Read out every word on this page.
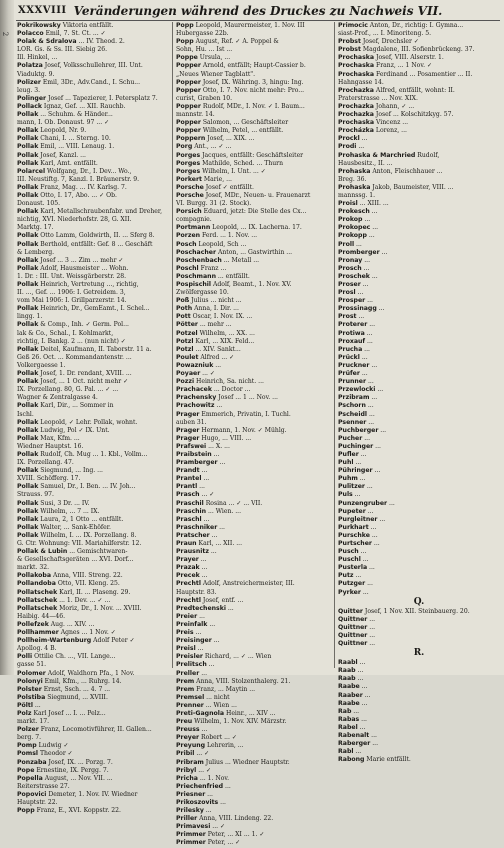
2
XXXVIII Veränderungen während des Druckes zu Nachweis VII.
Pokrikowsky Viktoria entfällt.
Polacco Emil, 7. St. Ct. ... ✓
Polak & Sdralova ... IV. Theod. 2.
LOR. Gs. & Ss. III. Siebig 26.
Ill. Hinkel, ...
Polatza Josef, Volksschullehrer, III. Unt.
Viaduktg. 9.
Polizer Emil, 3Dr., Adv.Cand., I. Schu...
leug. 3.
Polinger Josef ... Tapezierer, I. Petersplatz 7.
Pollack Ignaz, Gef. ... XII. Rauchb.
Pollak ... Schuhm. & Händer...
mann, I. Ob. Donaust. 97 ... ✓
Pollak Leopold, Nr. 9.
Pollak Chani, I. ... Sterng. 10.
Pollak Emil, ... VIII. Lenaug. 1.
Pollak Josef, Kanzl. ...
Pollak Karl, Amt. entfällt.
Polarcel Wolfgang, Dr., I. Dev... Wo.,
III. Neustiftg. 7, Kanzl. I. Bräunerstr. 9.
Pollak Franz, Mag. ... IV. Karlsg. 7.
Pollak Otto, I. 17, Abo. ... ✓ Ob.
Donaust. 105.
Pollak Karl, Metallschraubenfabr. und Dreher,
nichtig, XVI. Niederhofstr. 28, G. XII.
Marktg. 17.
Pollak Otto Lamm, Goldwirth, II. ... Sferg 8.
Pollak Berthold, entfällt: Gef. 8 ... Geschäft
& Lemberg.
Pollak Josef ... 3 ... Zim ... mehr ✓
Pollak Adolf, Hausmeister ... Wohn.
1. Dr. : III. Unt. Weissgärberstr. 28.
Pollak Heinrich, Vertretung ..., richtig,
II. ..., Gef. ... 1906: I. Getreidem. 3,
vom Mai 1906: I. Grillparzerstr. 14.
Pollak Heinrich, Dr., GemEamt., I. Schel...
lingg. 1.
Pollak & Comp., Inh. ✓ Germ. Pol...
lak & Co., Schal., I. Kohlmarkt,
richtig, I. Bankg. 2 ... (nun nicht) ✓
Pollak Deitel, Kaufmann, II. Taborstr. 11 a.
Geß 26. Oct. ... Kommandantenstr. ...
Volkergaesse 1.
Pollak Josef, 1. Dr. rendant, XVIII. ...
Pollak Josef, ... 1 Oct. nicht mehr ✓
IX. Porzellang. 80, G. Pal. ... ✓ ...
Wagner & Zentralgasse 4.
Pollak Karl, Dir., ... Sommer in
Ischl.
Pollak Leopold, ✓ Lehr. Pollak, wohnt.
Pollak Ludwig, Pol ✓ IX. Unt.
Pollak Max, Kfm. ...
Wiedner Hauptst. 16.
Pollak Rudolf, Ch. Mug ... 1. Kbl., Vollm...
IX. Porzellang. 47.
Pollak Siegmund, ... Ing. ...
XVIII. Schöfferg. 17.
Pollak Samuel, Dr., I. Ben. ... IV. Joh...
Strauss. 97.
Pollak Susi, 3 Dr. ... IV.
Pollak Wilhelm, ... 7 ... IX.
Pollak Laura, 2, 1 Otto ... entfällt.
Pollak Walter, ... Sank-Ehöfer.
Pollak Wilhelm, I. ... IX. Porzellang. 8.
G. Ctr. Wohnung: VII. Mariahilferstr. 12.
Pollak & Lubin ... Gemischtwaren-
& Gesellschaftsgeräten ... XVI. Dorf...
markt. 32.
Pollakoba Anna, VIII. Streng. 22.
Pollandoba Otto, VII. Kleng. 25.
Pollatschek Karl, II. ... Plaseng. 29.
Pollatschek ... 1. Dev. ... ✓ ...
Pollatschek Moriz, Dr., I. Nov. ... XVIII.
Haibig. 44—46.
Pollefzek Aug. ... XIV. ...
Pollhammer Agnes ... 1 Nov. ✓
Pollheim-Wartenburg Adolf Peter ✓
Apollog. 4 B.
Polli Ottilie Ch. ..., VII. Lange...
gasse 51.
Polomer Adolf, Waldhorn Pfa., 1 Nov.
Polonyi Emil, Kfm., ... Ruhrg. 14.
Polster Ernst, Ssch. ... 4. 7 ...
Polstiba Siegmund, ... XVIII.
Pöltl ...
Polz Karl Josef ... I. ... Pelz...
markt. 17.
Polzer Franz, Locomotivführer, II. Gallen...
berg. 7.
Pomp Ludwig ✓
Pomsl Theodor ✓
Ponzaba Josef, IX. ... Porzg. 7.
Pope Ernestine, IX. Pergg. 7.
Popella August, ... Nov. VII. ...
Reiterstrasse 27.
Popovici Demeter, 1. Nov. IV. Wiedner
Hauptstr. 22.
Popp Franz, E., XVI. Koppstr. 22.
Popp Leopold, Maurermeister, 1. Nov. III
Hubergasse 22b.
Popp August, Ref. ✓ A. Poppel &
Sohn, Hu. ... Ist ...
Poppe Ursula, ...
Popper Arnold, entfällt; Haupt-Cassier b.
„Neues Wiener Tagblatt".
Popper Josef, IX. Währing. 3, hingu: Ing.
Popper Otto, I. 7. Nov. nicht mehr: Pro...
curist, Graben 10.
Popper Rudolf, MDr., I. Nov. ✓ I. Baum...
mannstr. 14.
Popper Salomon, ... Geschäftsleiter
Popper Wilhelm, Petel, ... entfällt.
Poppern Josef, ... XIX. ...
Porg Ant., ... ✓ ...
Porges Jacques, entfällt: Geschäftsleiter
Porges Mathilde, Sched. ... Thurn
Porges Wilhelm, I. Unt. ... ✓
Porkert Marie, ...
Porsche Josef ✓ entfällt.
Porsche Josef, MDr., Neuen- u. Frauenarzt
VI. Burgg. 31 (2. Stock).
Porsich Eduard, jetzt: Die Stelle des Cx...
compagnie.
Portmann Leopold, ... IX. Lacherna. 17.
Porzen Ferd. ... 1. Nov. ...
Posch Leopold, Sch ...
Poschacher Anton, ... Gastwirthin ...
Poschenbach ... Metall ...
Poschl Franz ...
Poschmann ... entfällt.
Pospischil Adolf, Beamt., 1. Nov. XV.
Zwölfergasse 10.
Poß Julius ... nicht ...
Poth Anna, I. Dir. ...
Pott Oscar, I. Nov. IX. ...
Pötter ... mehr ...
Potzel Wilhelm, ... XX. ...
Potzl Karl, ... XIX. Feld...
Potzl ... XIV. Sankt...
Poulet Alfred ... ✓
Powazniuk ...
Poyaer ... ✓
Pozzi Heinrich, Sa. nicht. ...
Prachacek ... Doctor ...
Prachensky Josef ... 1 ... Nov. ...
Prachowitz ...
Prager Emmerich, Privatin, I. Tuchl.
auben 31.
Prager Hermann, 1. Nov. ✓ Mühlg.
Prager Hugo, ... VIII. ...
Prafswei ... X. ...
Praibstein ...
Pramberger ...
Prandt ...
Prantel ...
Prantl ...
Prasch ... ✓
Praschil Rosina ... ✓ ... VII.
Praschin ... Wien. ...
Praschl ...
Praschniker ...
Pratscher ...
Praun Karl, ... XII. ...
Prausnitz ...
Prayer ...
Prazak ...
Precek ...
Prechtl Adolf, Anstreichermeister, III.
Hauptstr. 83.
Prechtl Josef, entf. ...
Predtechenski ...
Preier ...
Preinfalk ...
Preis ...
Preisinger ...
Preisl ...
Preisler Richard, ... ✓ ... Wien
Prelitsch ...
Preller ...
Prem Anna, VIII. Stolzenthalerg. 21.
Prem Franz, ... Maytin ...
Premsel ... nicht
Prenner ... Wien ...
Preti-Gagnola Heinr., ... XIV ...
Preu Wilhelm, 1. Nov. XIV. Märzstr.
Preuss ...
Preyer Robert ... ✓
Preyung Lehrerin, ...
Pribil ... ✓
Pribram Julius ... Wiedner Hauptstr.
Pribyl ... ✓
Pricha ... 1. Nov.
Priechenfried ...
Priesner ...
Prikoszovits ...
Prilesky ...
Priller Anna, VIII. Lindeng. 22.
Primavesi ... ✓
Primmer Peter, ... XI ... 1. ✓
Primmer Peter, ... ✓
Primocic Anton, Dr., richtig: I. Gymna...
siast-Prof., ... I. Minoriteng. 5.
Probst Josef, Drechsler ✓
Probst Magdalene, III. Sofienbrückeng. 37.
Prochaska Josef, VIII. Alserstr. 1.
Prochaska Franz, ... 1 Nov. ✓
Prochaska Ferdinand ... Posamentier ... II.
Hahngasse 14.
Prochazka Alfred, entfällt, wohnt: II.
Praterstrasse ... Nov. XIX.
Prochazka Johann, ✓ ...
Prochazka Josef ... Kolschitzkyg. 57.
Prochaska Vincenz ...
Procházka Lorenz, ...
Prockl ...
Prodi ...
Prohaska & Marchried Rudolf,
Hausbesitz., II. ...
Prohaska Anton, Fleischhauer ...
Breg. 36.
Prohaska Jakob, Baumeister, VIII. ...
mannssg. 1.
Proisl ... XIII. ...
Prokesch ...
Prokop ...
Prokopec ...
Prokopp ...
Proll ...
Promberger ...
Pronay ...
Prosch ...
Proschek ...
Proser ...
Prosl ...
Prosper ...
Prossinagg ...
Prost ...
Proterer ...
Protiwa ...
Proxauf ...
Prucha ...
Prückl ...
Pruckner ...
Prüfer ...
Prunner ...
Przewlocki ...
Przibram ...
Pschorn ...
Pscheidl ...
Psenner ...
Puchberger ...
Pucher ...
Puchinger ...
Pufler ...
Puhl ...
Pühringer ...
Puhm ...
Pulitzer ...
Puls ...
Punzengruber ...
Pupeter ...
Purgleitner ...
Purkhart ...
Purschke ...
Purtscher ...
Pusch ...
Puschl ...
Pusterla ...
Putz ...
Putzger ...
Pyrker ...
Q.
Quitter Josef, 1 Nov. XII. Steinbauerg. 20.
Quittner ...
Quittner ...
Quittner ...
Quittner ...
R.
Raabl ...
Raab ...
Raab ...
Raabe ...
Raaber ...
Raabe ...
Rab ...
Rabas ...
Rabel ...
Rabenalt ...
Raberger ...
Rabl ...
Rabong Marie entfällt.
